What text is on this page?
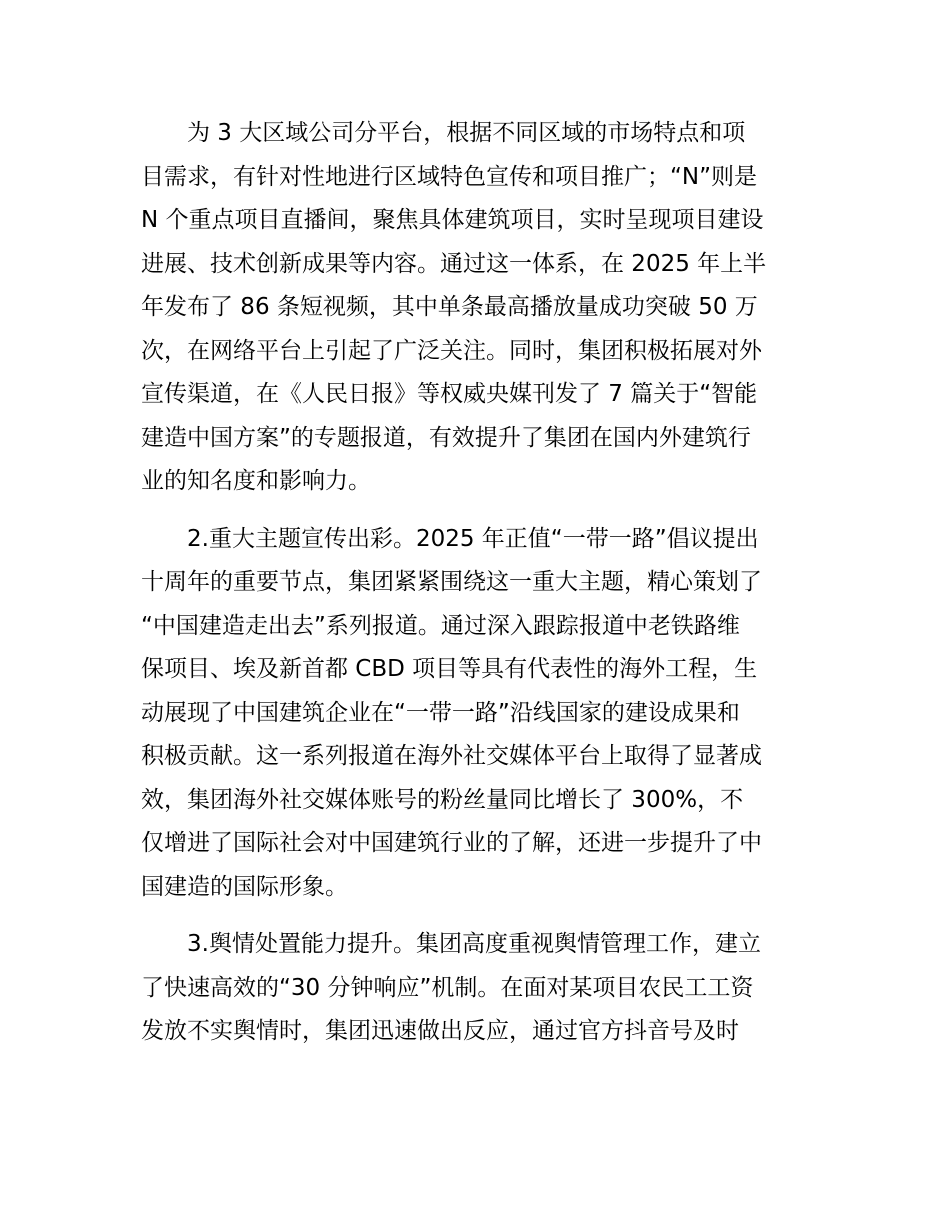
为 3 大区域公司分平台，根据不同区域的市场特点和项
目需求，有针对性地进行区域特色宣传和项目推广；“N”则是
N 个重点项目直播间，聚焦具体建筑项目，实时呈现项目建设
进展、技术创新成果等内容。通过这一体系，在 2025 年上半
年发布了 86 条短视频，其中单条最高播放量成功突破 50 万
次，在网络平台上引起了广泛关注。同时，集团积极拓展对外
宣传渠道，在《人民日报》等权威央媒刊发了 7 篇关于“智能
建造中国方案”的专题报道，有效提升了集团在国内外建筑行
业的知名度和影响力。
2.重大主题宣传出彩。2025 年正值“一带一路”倡议提出
十周年的重要节点，集团紧紧围绕这一重大主题，精心策划了
“中国建造走出去”系列报道。通过深入跟踪报道中老铁路维
保项目、埃及新首都 CBD 项目等具有代表性的海外工程，生
动展现了中国建筑企业在“一带一路”沿线国家的建设成果和
积极贡献。这一系列报道在海外社交媒体平台上取得了显著成
效，集团海外社交媒体账号的粉丝量同比增长了 300%，不
仅增进了国际社会对中国建筑行业的了解，还进一步提升了中
国建造的国际形象。
3.舆情处置能力提升。集团高度重视舆情管理工作，建立
了快速高效的“30 分钟响应”机制。在面对某项目农民工工资
发放不实舆情时，集团迅速做出反应，通过官方抖音号及时
